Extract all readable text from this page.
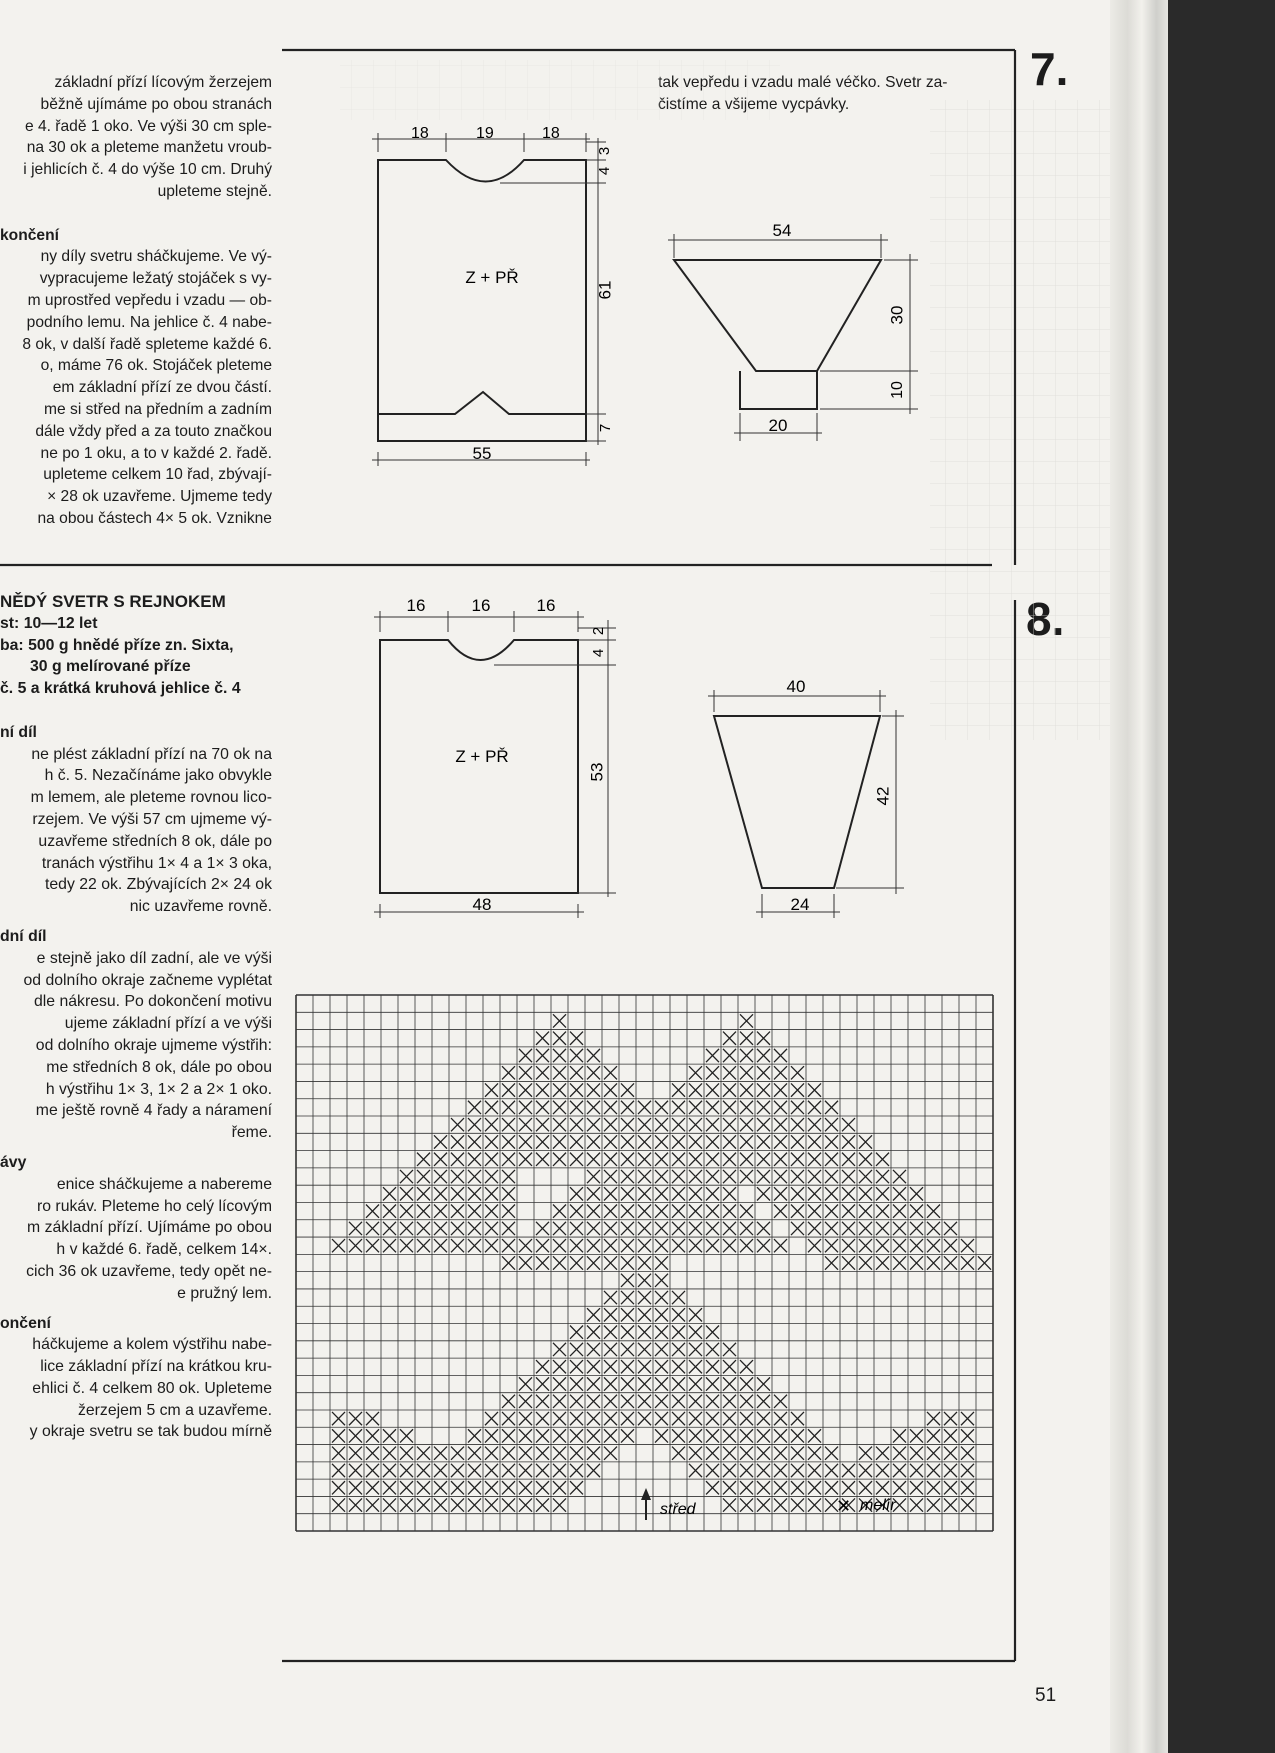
základní přízí lícovým žerzejem

běžně ujímáme po obou stranách

e 4. řadě 1 oko. Ve výši 30 cm sple-

na 30 ok a pleteme manžetu vroub-

i jehlicích č. 4 do výše 10 cm. Druhý

upleteme stejně.

končení

ny díly svetru sháčkujeme. Ve vý-

vypracujeme ležatý stojáček s vy-

m uprostřed vepředu i vzadu — ob-

podního lemu. Na jehlice č. 4 nabe-

8 ok, v další řadě spleteme každé 6.

o, máme 76 ok. Stojáček pleteme

em základní přízí ze dvou částí.

me si střed na předním a zadním

dále vždy před a za touto značkou

ne po 1 oku, a to v každé 2. řadě.

upleteme celkem 10 řad, zbývají-

× 28 ok uzavřeme. Ujmeme tedy

na obou částech 4× 5 ok. Vznikne

NĚDÝ SVETR S REJNOKEM

st: 10—12 let

ba: 500 g hnědé příze zn. Sixta,

30 g melírované příze

č. 5 a krátká kruhová jehlice č. 4

ní díl

ne plést základní přízí na 70 ok na

h č. 5. Nezačínáme jako obvykle

m lemem, ale pleteme rovnou lico-

rzejem. Ve výši 57 cm ujmeme vý-

uzavřeme středních 8 ok, dále po

tranách výstřihu 1× 4 a 1× 3 oka,

tedy 22 ok. Zbývajících 2× 24 ok

nic uzavřeme rovně.

dní díl

e stejně jako díl zadní, ale ve výši

od dolního okraje začneme vyplétat

dle nákresu. Po dokončení motivu

ujeme základní přízí a ve výši

od dolního okraje ujmeme výstřih:

me středních 8 ok, dále po obou

h výstřihu 1× 3, 1× 2 a 2× 1 oko.

me ještě rovně 4 řady a náramení

řeme.

ávy

enice sháčkujeme a nabereme

ro rukáv. Pleteme ho celý lícovým

m základní přízí. Ujímáme po obou

h v každé 6. řadě, celkem 14×.

cich 36 ok uzavřeme, tedy opět ne-

e pružný lem.

ončení

háčkujeme a kolem výstřihu nabe-

lice základní přízí na krátkou kru-

ehlici č. 4 celkem 80 ok. Upleteme

žerzejem 5 cm a uzavřeme.

y okraje svetru se tak budou mírně

tak vepředu i vzadu malé véčko. Svetr za-

čistíme a všijeme vycpávky.

7.
51
18	19	18
3
4
61
7
55
Z + PŘ
54
30
10
20
16	16	16
2
4
53
48
Z + PŘ
40
42
24
střed	✕ melír
